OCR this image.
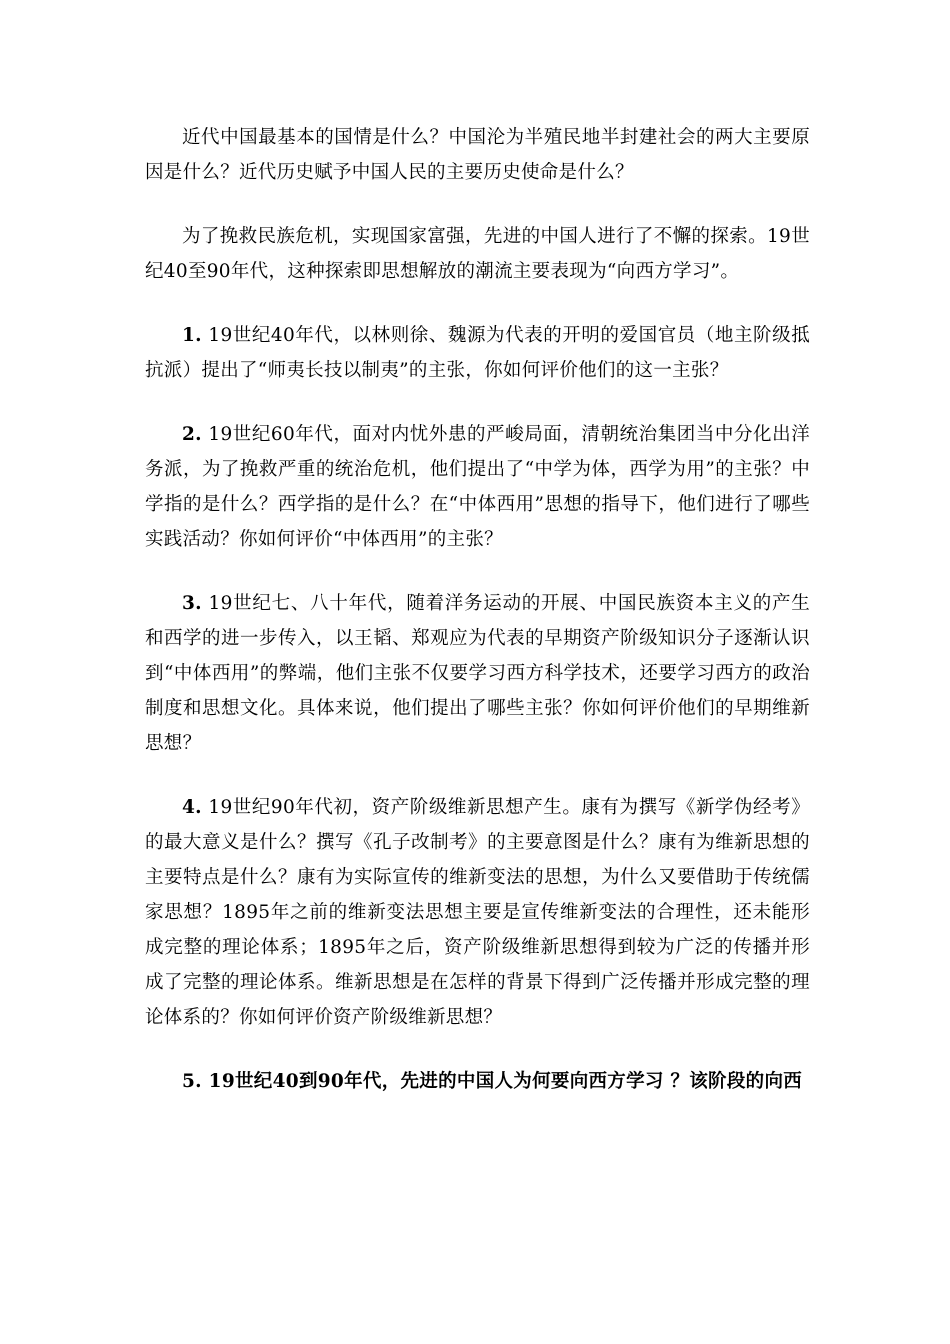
近代中国最基本的国情是什么？中国沦为半殖民地半封建社会的两大主要原因是什么？近代历史赋予中国人民的主要历史使命是什么？

为了挽救民族危机，实现国家富强，先进的中国人进行了不懈的探索。19世纪40至90年代，这种探索即思想解放的潮流主要表现为“向西方学习”。

1. 19世纪40年代，以林则徐、魏源为代表的开明的爱国官员（地主阶级抵抗派）提出了“师夷长技以制夷”的主张，你如何评价他们的这一主张？

2. 19世纪60年代，面对内忧外患的严峻局面，清朝统治集团当中分化出洋务派，为了挽救严重的统治危机，他们提出了“中学为体，西学为用”的主张？中学指的是什么？西学指的是什么？在“中体西用”思想的指导下，他们进行了哪些实践活动？你如何评价“中体西用”的主张？

3. 19世纪七、八十年代，随着洋务运动的开展、中国民族资本主义的产生和西学的进一步传入，以王韬、郑观应为代表的早期资产阶级知识分子逐渐认识到“中体西用”的弊端，他们主张不仅要学习西方科学技术，还要学习西方的政治制度和思想文化。具体来说，他们提出了哪些主张？你如何评价他们的早期维新思想？

4. 19世纪90年代初，资产阶级维新思想产生。康有为撰写《新学伪经考》的最大意义是什么？撰写《孔子改制考》的主要意图是什么？康有为维新思想的主要特点是什么？康有为实际宣传的维新变法的思想，为什么又要借助于传统儒家思想？1895年之前的维新变法思想主要是宣传维新变法的合理性，还未能形成完整的理论体系；1895年之后，资产阶级维新思想得到较为广泛的传播并形成了完整的理论体系。维新思想是在怎样的背景下得到广泛传播并形成完整的理论体系的？你如何评价资产阶级维新思想？

5. 19世纪40到90年代，先进的中国人为何要向西方学习 ？该阶段的向西
